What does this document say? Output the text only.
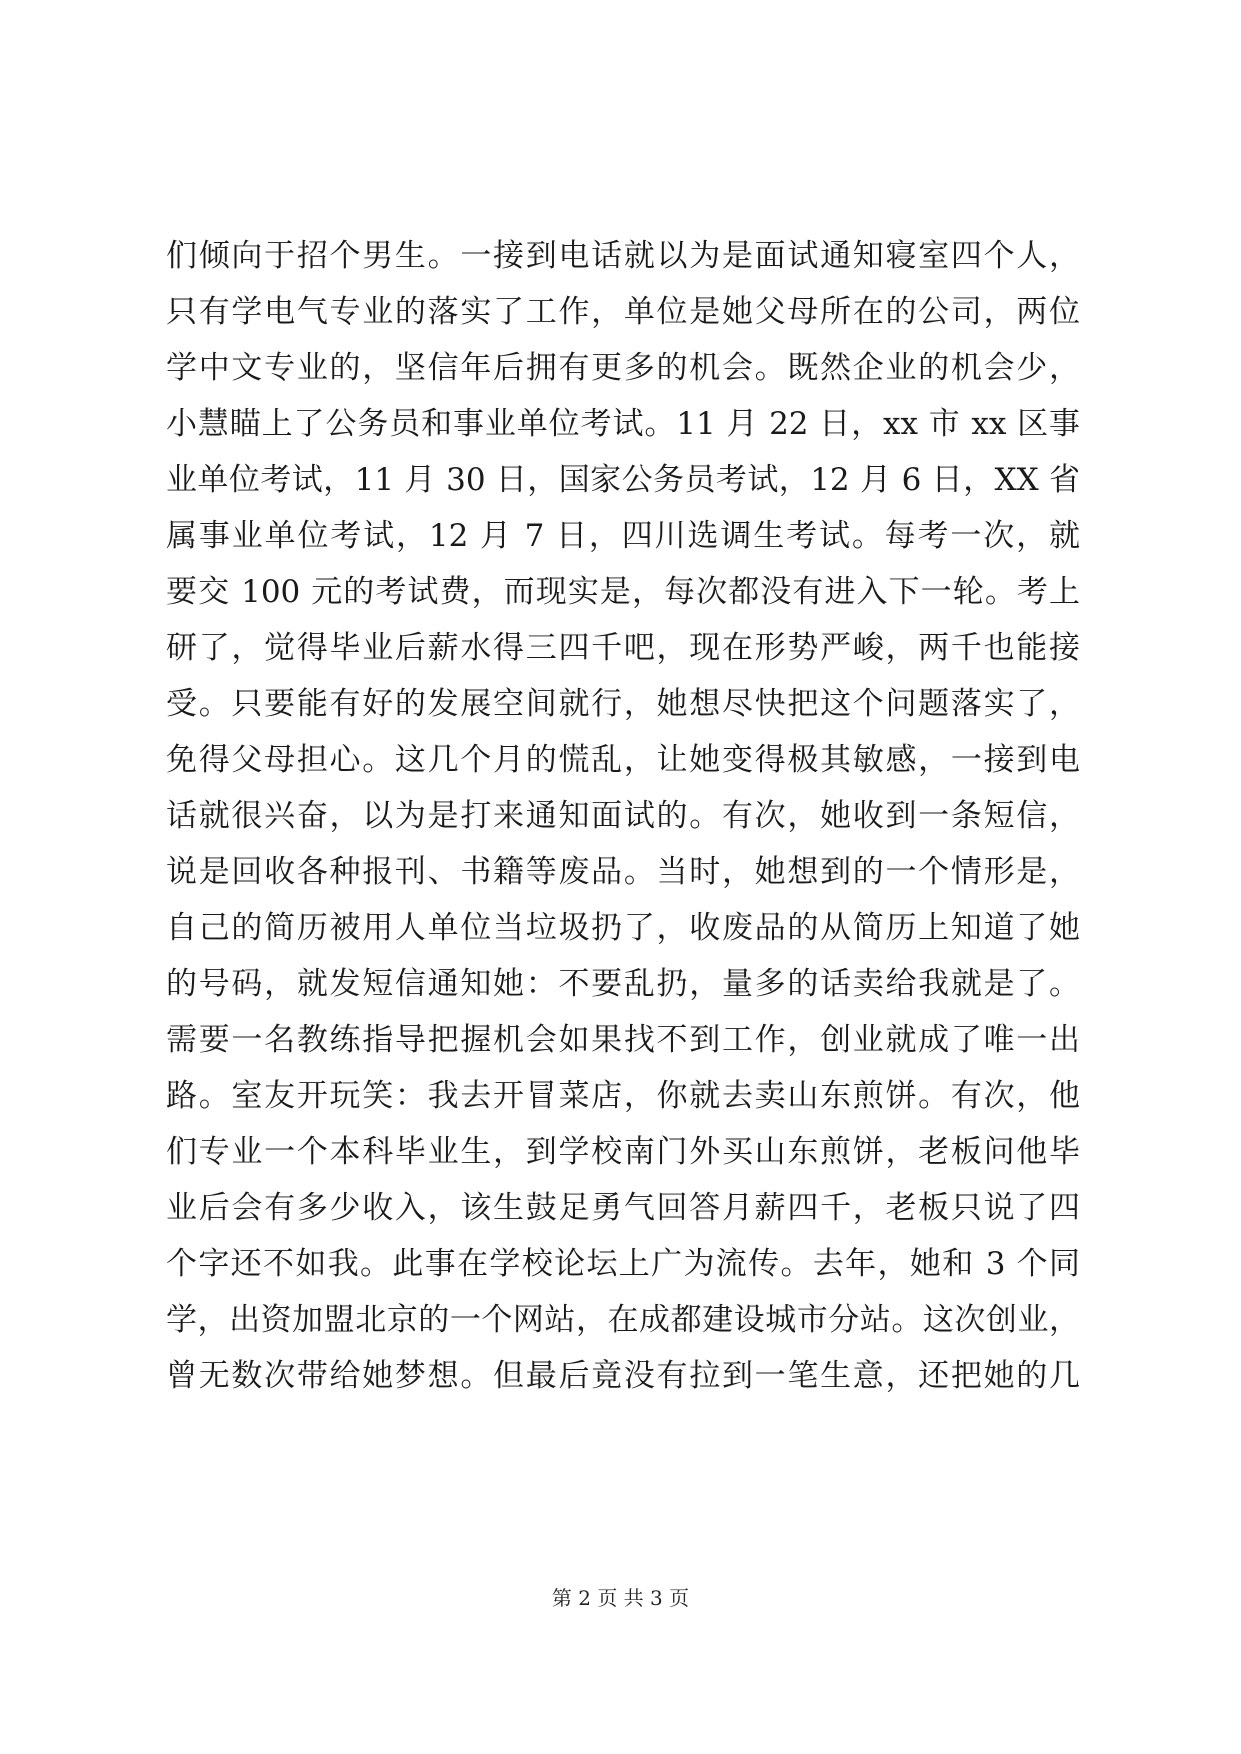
们倾向于招个男生。一接到电话就以为是面试通知寝室四个人，
只有学电气专业的落实了工作，单位是她父母所在的公司，两位
学中文专业的，坚信年后拥有更多的机会。既然企业的机会少，
小慧瞄上了公务员和事业单位考试。11 月 22 日，xx 市 xx 区事
业单位考试，11 月 30 日，国家公务员考试，12 月 6 日，XX 省
属事业单位考试，12 月 7 日，四川选调生考试。每考一次，就
要交 100 元的考试费，而现实是，每次都没有进入下一轮。考上
研了，觉得毕业后薪水得三四千吧，现在形势严峻，两千也能接
受。只要能有好的发展空间就行，她想尽快把这个问题落实了，
免得父母担心。这几个月的慌乱，让她变得极其敏感，一接到电
话就很兴奋，以为是打来通知面试的。有次，她收到一条短信，
说是回收各种报刊、书籍等废品。当时，她想到的一个情形是，
自己的简历被用人单位当垃圾扔了，收废品的从简历上知道了她
的号码，就发短信通知她：不要乱扔，量多的话卖给我就是了。
需要一名教练指导把握机会如果找不到工作，创业就成了唯一出
路。室友开玩笑：我去开冒菜店，你就去卖山东煎饼。有次，他
们专业一个本科毕业生，到学校南门外买山东煎饼，老板问他毕
业后会有多少收入，该生鼓足勇气回答月薪四千，老板只说了四
个字还不如我。此事在学校论坛上广为流传。去年，她和 3 个同
学，出资加盟北京的一个网站，在成都建设城市分站。这次创业，
曾无数次带给她梦想。但最后竟没有拉到一笔生意，还把她的几
第 2 页 共 3 页
